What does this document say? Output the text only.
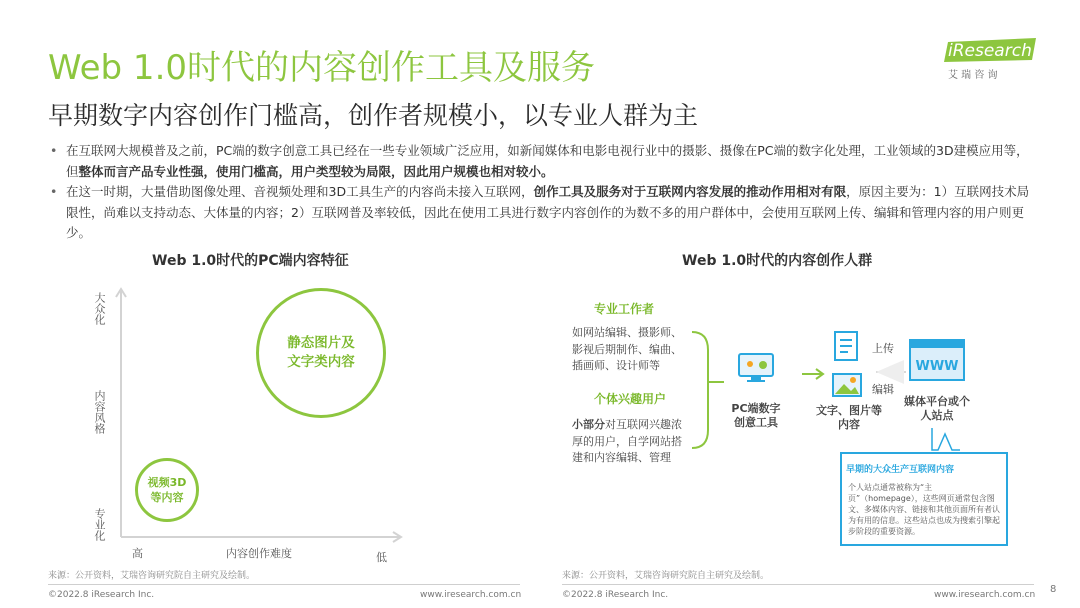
Web 1.0时代的内容创作工具及服务
早期数字内容创作门槛高，创作者规模小，以专业人群为主
iResearch
艾 瑞 咨 询
• 在互联网大规模普及之前，PC端的数字创意工具已经在一些专业领域广泛应用，如新闻媒体和电影电视行业中的摄影、摄像在PC端的数字化处理，工业领域的3D建模应用等，但整体而言产品专业性强，使用门槛高，用户类型较为局限，因此用户规模也相对较小。
• 在这一时期，大量借助图像处理、音视频处理和3D工具生产的内容尚未接入互联网，创作工具及服务对于互联网内容发展的推动作用相对有限，原因主要为：1）互联网技术局限性，尚难以支持动态、大体量的内容；2）互联网普及率较低，因此在使用工具进行数字内容创作的为数不多的用户群体中，会使用互联网上传、编辑和管理内容的用户则更少。
Web 1.0时代的PC端内容特征
大众化
内容风格
专业化
高	内容创作难度	低
静态图片及文字类内容
视频3D等内容
Web 1.0时代的内容创作人群
专业工作者
如网站编辑、摄影师、影视后期制作、编曲、插画师、设计师等
个体兴趣用户
小部分对互联网兴趣浓厚的用户，自学网站搭建和内容编辑、管理
PC端数字创意工具
文字、图片等内容
上传
编辑
WWW
媒体平台或个人站点
早期的大众生产互联网内容
个人站点通常被称为“主页”（homepage），这些网页通常包含图文、多媒体内容、链接和其他页面所有者认为有用的信息。这些站点也成为搜索引擎起步阶段的重要资源。
来源：公开资料，艾瑞咨询研究院自主研究及绘制。	来源：公开资料，艾瑞咨询研究院自主研究及绘制。
©2022.8 iResearch Inc.	www.iresearch.com.cn	©2022.8 iResearch Inc.	www.iresearch.com.cn 8
